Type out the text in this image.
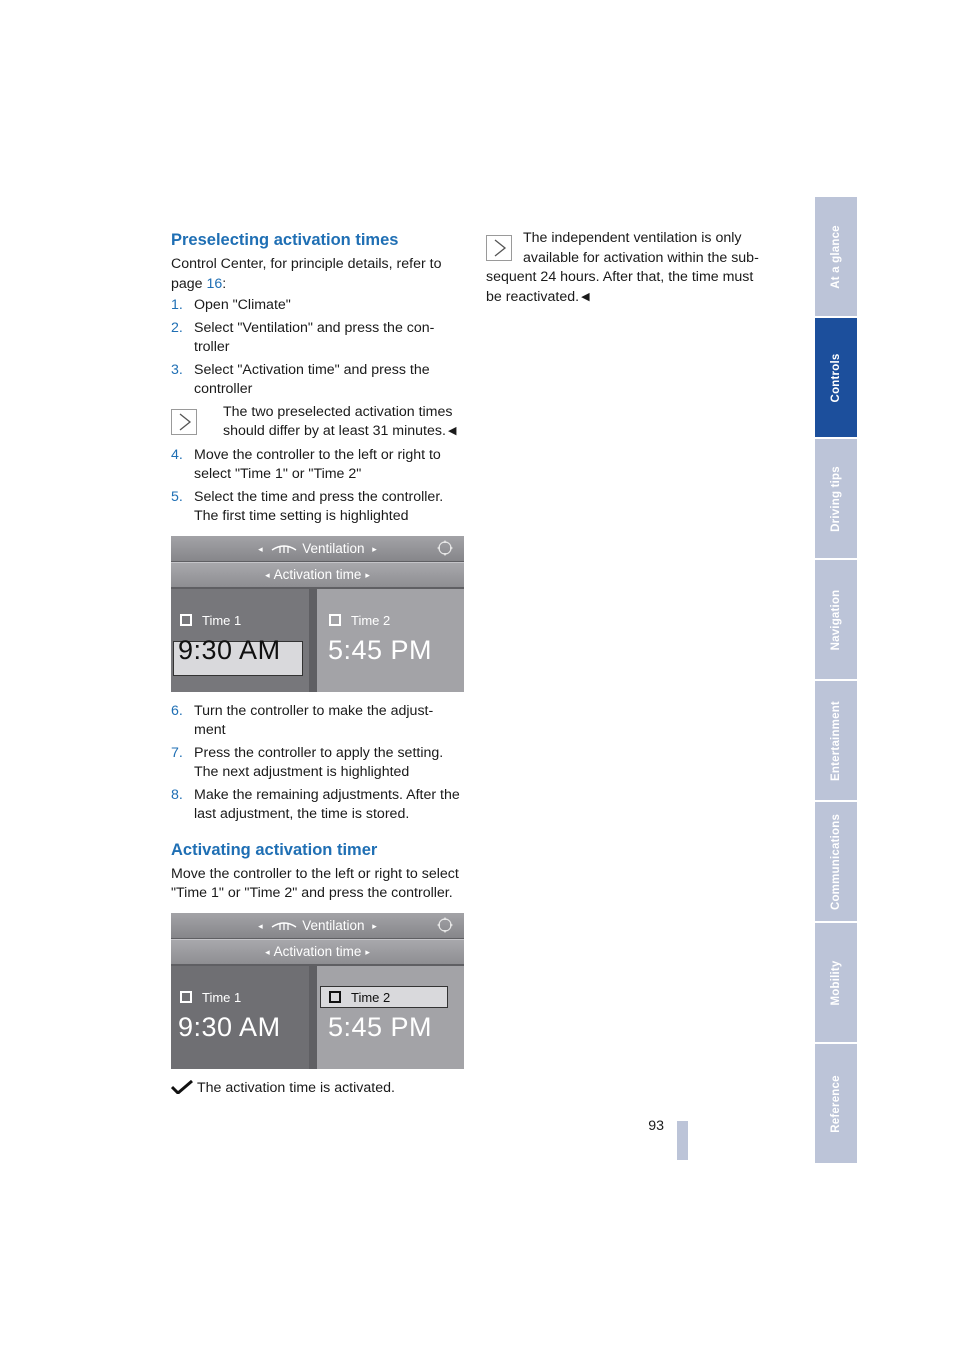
Preselecting activation times

Control Center, for principle details, refer to page 16:

1. Open "Climate"
2. Select "Ventilation" and press the con-troller
3. Select "Activation time" and press the controller
The two preselected activation times should differ by at least 31 minutes. ◀
4. Move the controller to the left or right to select "Time 1" or "Time 2"
5. Select the time and press the controller. The first time setting is highlighted
◂	Ventilation ▸
◂ Activation time ▸
Time 1
9:30 AM
Time 2
5:45 PM
6. Turn the controller to make the adjust-ment
7. Press the controller to apply the setting. The next adjustment is highlighted
8. Make the remaining adjustments. After the last adjustment, the time is stored.
Activating activation timer

Move the controller to the left or right to select "Time 1" or "Time 2" and press the controller.

◂	Ventilation ▸
◂ Activation time ▸
Time 1
9:30 AM
Time 2
5:45 PM

The activation time is activated.

The independent ventilation is only
available for activation within the sub-
sequent 24 hours. After that, the time must
be reactivated. ◀
At a glance
Controls
Driving tips
Navigation
Entertainment
Communications
Mobility
Reference
93
